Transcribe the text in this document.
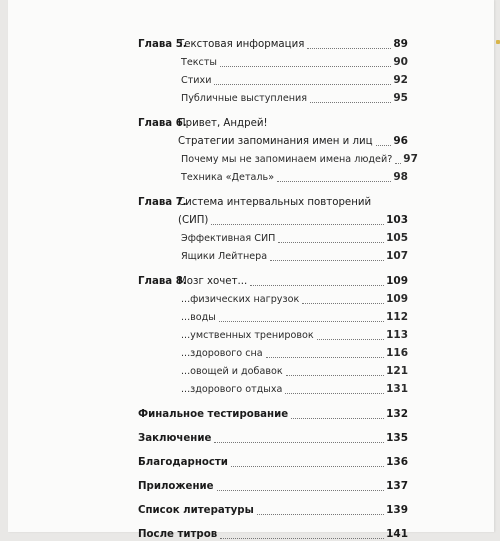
Глава 5.
Текстовая информация	89
Тексты	90
Стихи	92
Публичные выступления	95
Глава 6.
Привет, Андрей!
Стратегии запоминания имен и лиц 96
Почему мы не запоминаем имена людей? 97
Техника «Деталь»	98
Глава 7.
Система интервальных повторений
(СИП)	103
Эффективная СИП	105
Ящики Лейтнера	107
Глава 8.
Мозг хочет...	109
...физических нагрузок	109
...воды	112
...умственных тренировок	113
...здорового сна	116
...овощей и добавок	121
...здорового отдыха	131
Финальное тестирование	132
Заключение	135
Благодарности	136
Приложение	137
Список литературы	139
После титров	141
